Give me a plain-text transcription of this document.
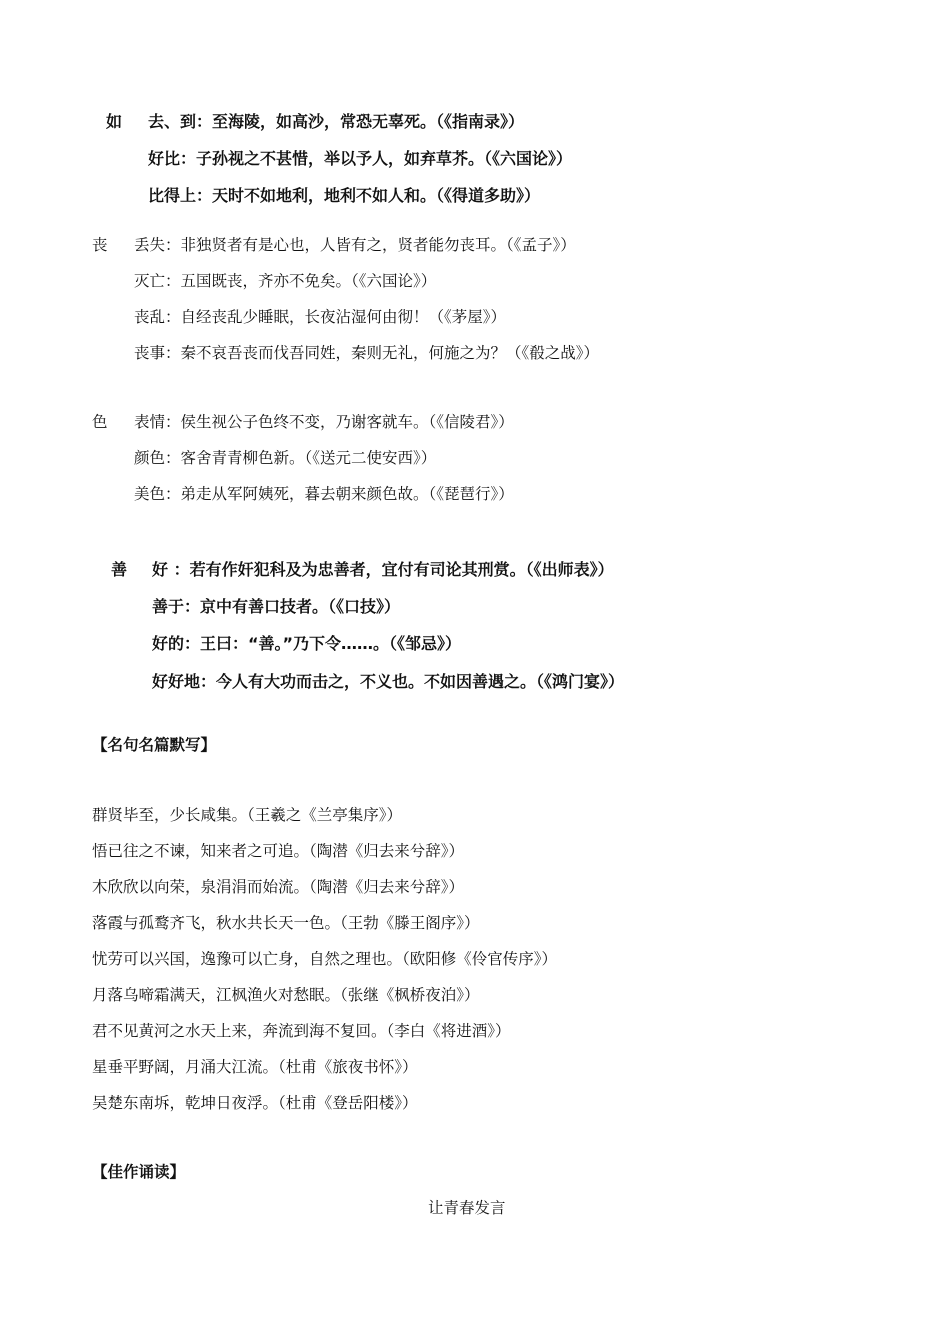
如 去、到：至海陵，如高沙，常恐无辜死。（《指南录》）
好比：子孙视之不甚惜，举以予人，如弃草芥。（《六国论》）
比得上：天时不如地利，地利不如人和。（《得道多助》）
丧 丢失：非独贤者有是心也，人皆有之，贤者能勿丧耳。（《孟子》）
灭亡：五国既丧，齐亦不免矣。（《六国论》）
丧乱：自经丧乱少睡眠，长夜沾湿何由彻！（《茅屋》）
丧事：秦不哀吾丧而伐吾同姓，秦则无礼，何施之为？（《殽之战》）
色 表情：侯生视公子色终不变，乃谢客就车。（《信陵君》）
颜色：客舍青青柳色新。（《送元二使安西》）
美色：弟走从军阿姨死，暮去朝来颜色故。（《琵琶行》）
善 好 ：若有作奸犯科及为忠善者，宜付有司论其刑赏。（《出师表》）
善于：京中有善口技者。（《口技》）
好的：王曰：“善。”乃下令……。（《邹忌》）
好好地：今人有大功而击之，不义也。不如因善遇之。（《鸿门宴》）
【名句名篇默写】
群贤毕至，少长咸集。（王羲之《兰亭集序》）
悟已往之不谏，知来者之可追。（陶潜《归去来兮辞》）
木欣欣以向荣，泉涓涓而始流。（陶潜《归去来兮辞》）
落霞与孤鹜齐飞，秋水共长天一色。（王勃《滕王阁序》）
忧劳可以兴国，逸豫可以亡身，自然之理也。（欧阳修《伶官传序》）
月落乌啼霜满天，江枫渔火对愁眠。（张继《枫桥夜泊》）
君不见黄河之水天上来，奔流到海不复回。（李白《将进酒》）
星垂平野阔，月涌大江流。（杜甫《旅夜书怀》）
吴楚东南坼，乾坤日夜浮。（杜甫《登岳阳楼》）
【佳作诵读】
让青春发言
